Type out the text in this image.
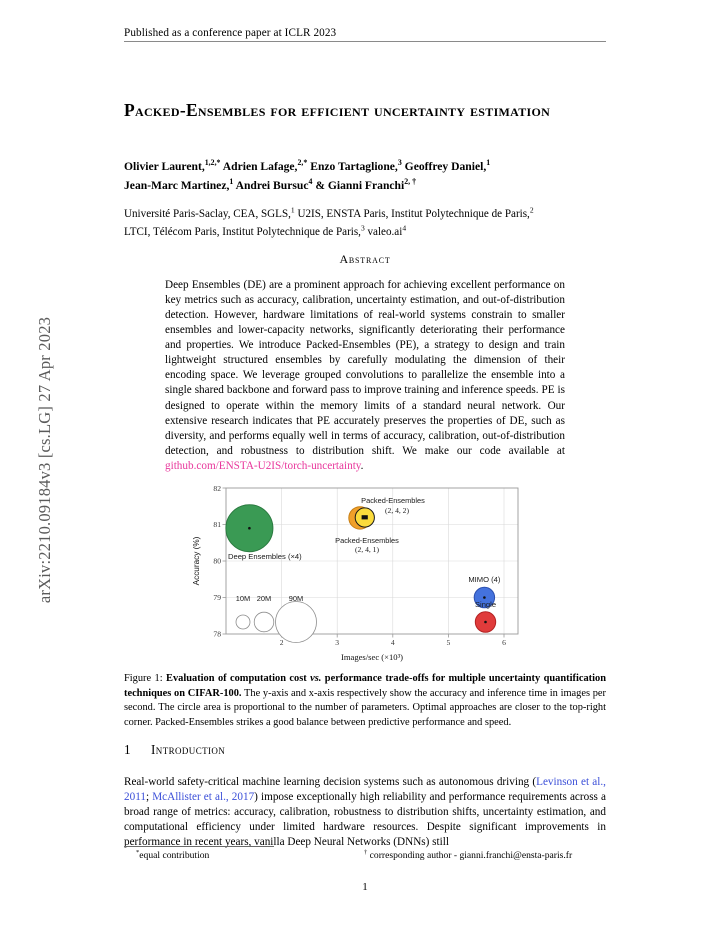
arXiv:2210.09184v3 [cs.LG] 27 Apr 2023
Published as a conference paper at ICLR 2023
Packed-Ensembles for efficient uncertainty estimation
Olivier Laurent,$^{1,2,*}$ Adrien Lafage,$^{2,*}$ Enzo Tartaglione,$^3$ Geoffrey Daniel,$^1$
Jean-Marc Martinez,$^1$ Andrei Bursuc$^4$ & Gianni Franchi$^{2, \dagger}$
Université Paris-Saclay, CEA, SGLS,$^1$ U2IS, ENSTA Paris, Institut Polytechnique de Paris,$^2$
LTCI, Télécom Paris, Institut Polytechnique de Paris,$^3$ $valeo.ai^4$
Abstract
Deep Ensembles (DE) are a prominent approach for achieving excellent performance on key metrics such as accuracy, calibration, uncertainty estimation, and out-of-distribution detection. However, hardware limitations of real-world systems constrain to smaller ensembles and lower-capacity networks, significantly deteriorating their performance and properties. We introduce Packed-Ensembles (PE), a strategy to design and train lightweight structured ensembles by carefully modulating the dimension of their encoding space. We leverage grouped convolutions to parallelize the ensemble into a single shared backbone and forward pass to improve training and inference speeds. PE is designed to operate within the memory limits of a standard neural network. Our extensive research indicates that PE accurately preserves the properties of DE, such as diversity, and performs equally well in terms of accuracy, calibration, out-of-distribution detection, and robustness to distribution shift. We make our code available at github.com/ENSTA-U2IS/torch-uncertainty.
78
79
80
81
82
2	3	4	5	6
Images/sec (×10³)
Accuracy (%)
10M 20M 90M
Deep Ensembles (×4)
Packed-Ensembles
(2, 4, 1)
Packed-Ensembles
(2, 4, 2)
MIMO (4)
Single
Figure 1: Evaluation of computation cost vs. performance trade-offs for multiple uncertainty quantification techniques on CIFAR-100. The y-axis and x-axis respectively show the accuracy and inference time in images per second. The circle area is proportional to the number of parameters. Optimal approaches are closer to the top-right corner. Packed-Ensembles strikes a good balance between predictive performance and speed.
1 Introduction
Real-world safety-critical machine learning decision systems such as autonomous driving (Levinson et al., 2011; McAllister et al., 2017) impose exceptionally high reliability and performance requirements across a broad range of metrics: accuracy, calibration, robustness to distribution shifts, uncertainty estimation, and computational efficiency under limited hardware resources. Despite significant improvements in performance in recent years, vanilla Deep Neural Networks (DNNs) still
*equal contribution	† corresponding author - gianni.franchi@ensta-paris.fr
1
